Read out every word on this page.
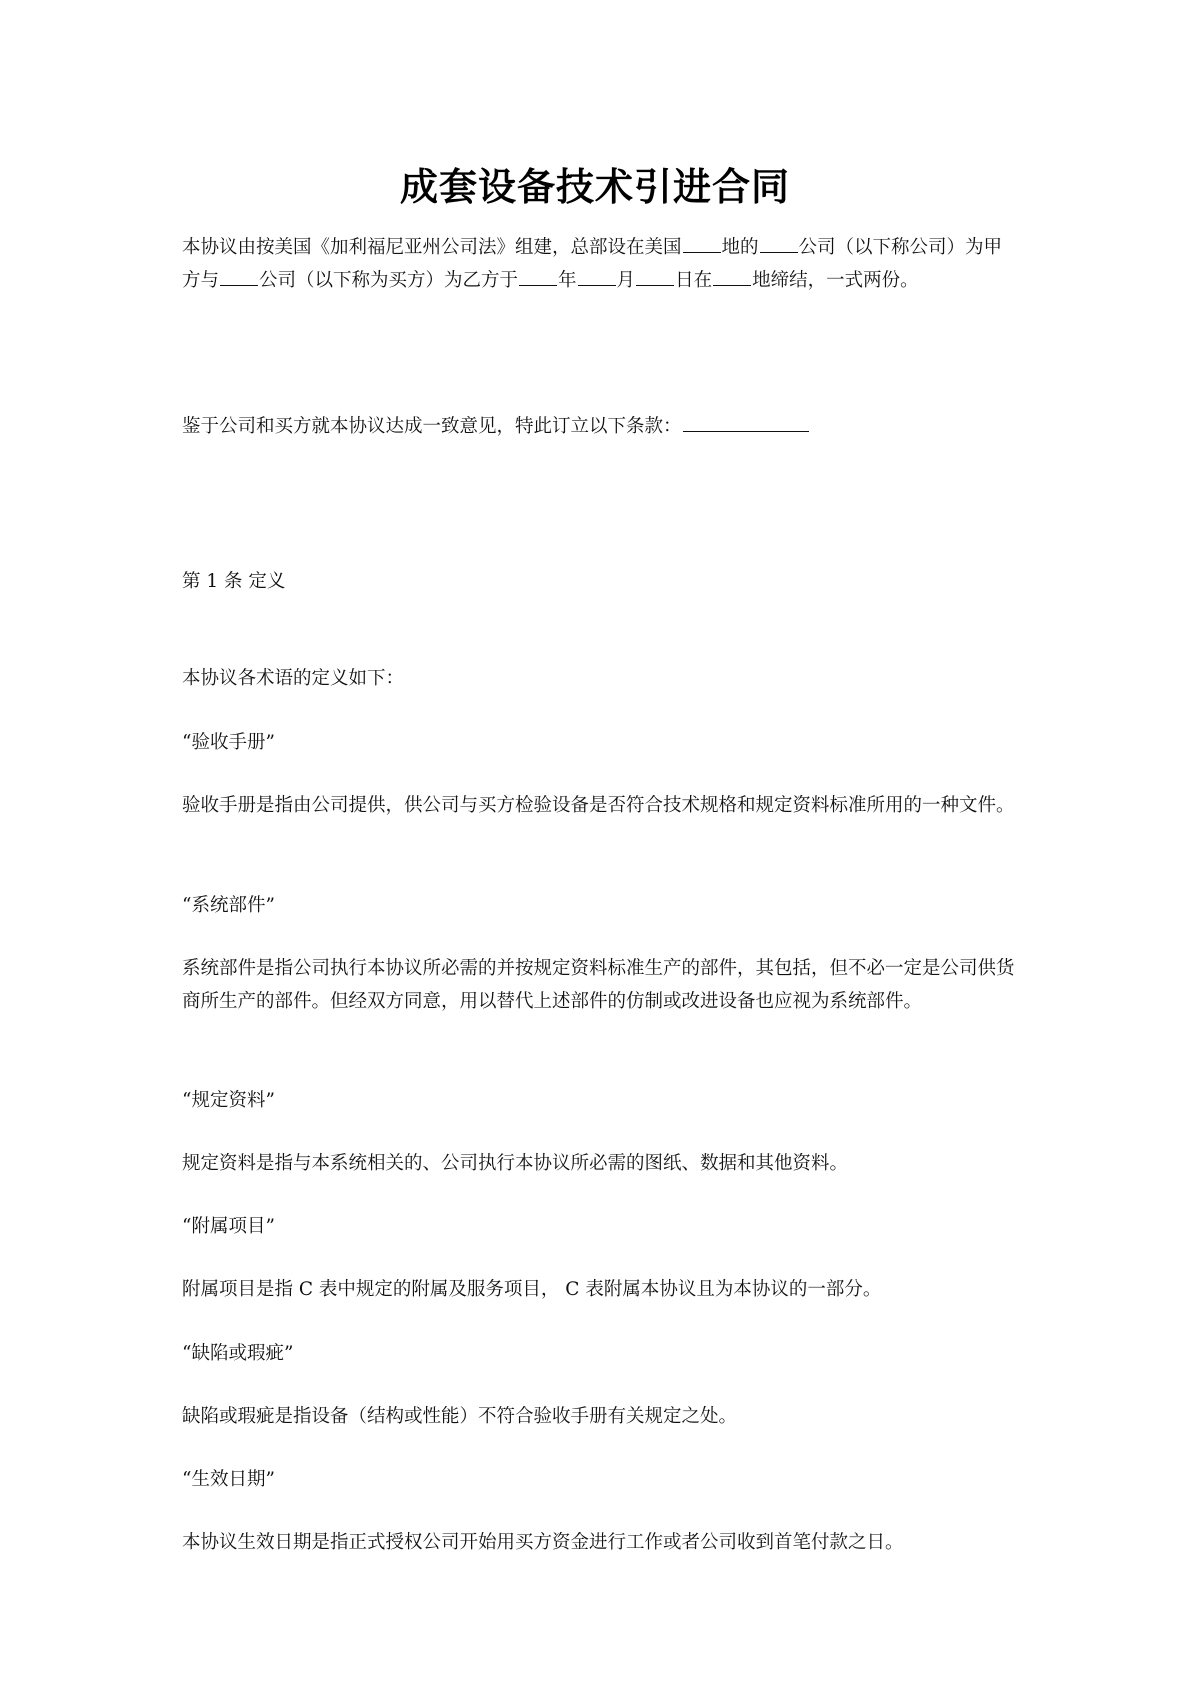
成套设备技术引进合同
本协议由按美国《加利福尼亚州公司法》组建，总部设在美国 地的 公司（以下称公司）为甲方与 公司（以下称为买方）为乙方于 年 月 日在 地缔结，一式两份。
鉴于公司和买方就本协议达成一致意见，特此订立以下条款：
第 1 条 定义
本协议各术语的定义如下：
“验收手册”
验收手册是指由公司提供，供公司与买方检验设备是否符合技术规格和规定资料标准所用的一种文件。
“系统部件”
系统部件是指公司执行本协议所必需的并按规定资料标准生产的部件，其包括，但不必一定是公司供货商所生产的部件。但经双方同意，用以替代上述部件的仿制或改进设备也应视为系统部件。
“规定资料”
规定资料是指与本系统相关的、公司执行本协议所必需的图纸、数据和其他资料。
“附属项目”
附属项目是指 C 表中规定的附属及服务项目， C 表附属本协议且为本协议的一部分。
“缺陷或瑕疵”
缺陷或瑕疵是指设备（结构或性能）不符合验收手册有关规定之处。
“生效日期”
本协议生效日期是指正式授权公司开始用买方资金进行工作或者公司收到首笔付款之日。
